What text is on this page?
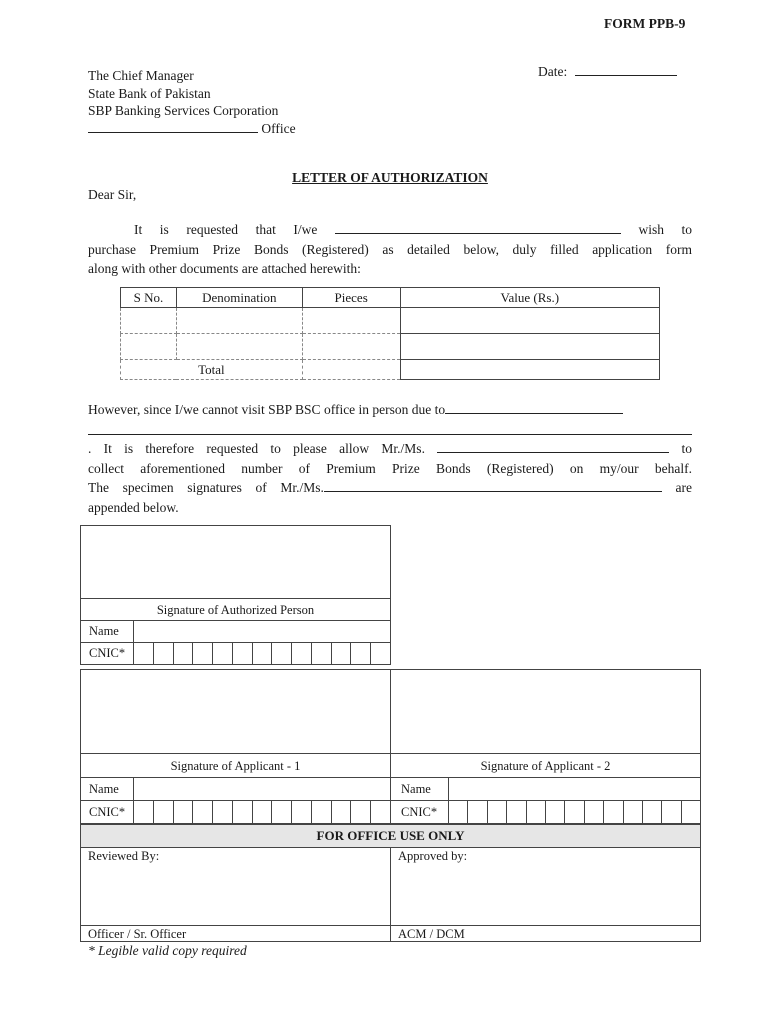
FORM PPB-9
Date:
The Chief Manager
State Bank of Pakistan
SBP Banking Services Corporation
Office
LETTER OF AUTHORIZATION
Dear Sir,
It is requested that I/we	wish to
purchase Premium Prize Bonds (Registered) as detailed below, duly filled application form
along with other documents are attached herewith:
S No.	Denomination	Pieces	Value (Rs.)

Total			
However, since I/we cannot visit SBP BSC office in person due to
. It is therefore requested to please allow Mr./Ms.	to
collect aforementioned number of Premium Prize Bonds (Registered) on my/our behalf.
The specimen signatures of Mr./Ms.	are
appended below.
Signature of Authorized Person
Name
CNIC*
Signature of Applicant - 1	Signature of Applicant - 2
Name	Name
CNIC*	CNIC*
FOR OFFICE USE ONLY
Reviewed By:	Approved by:
Officer / Sr. Officer	ACM / DCM
* Legible valid copy required
